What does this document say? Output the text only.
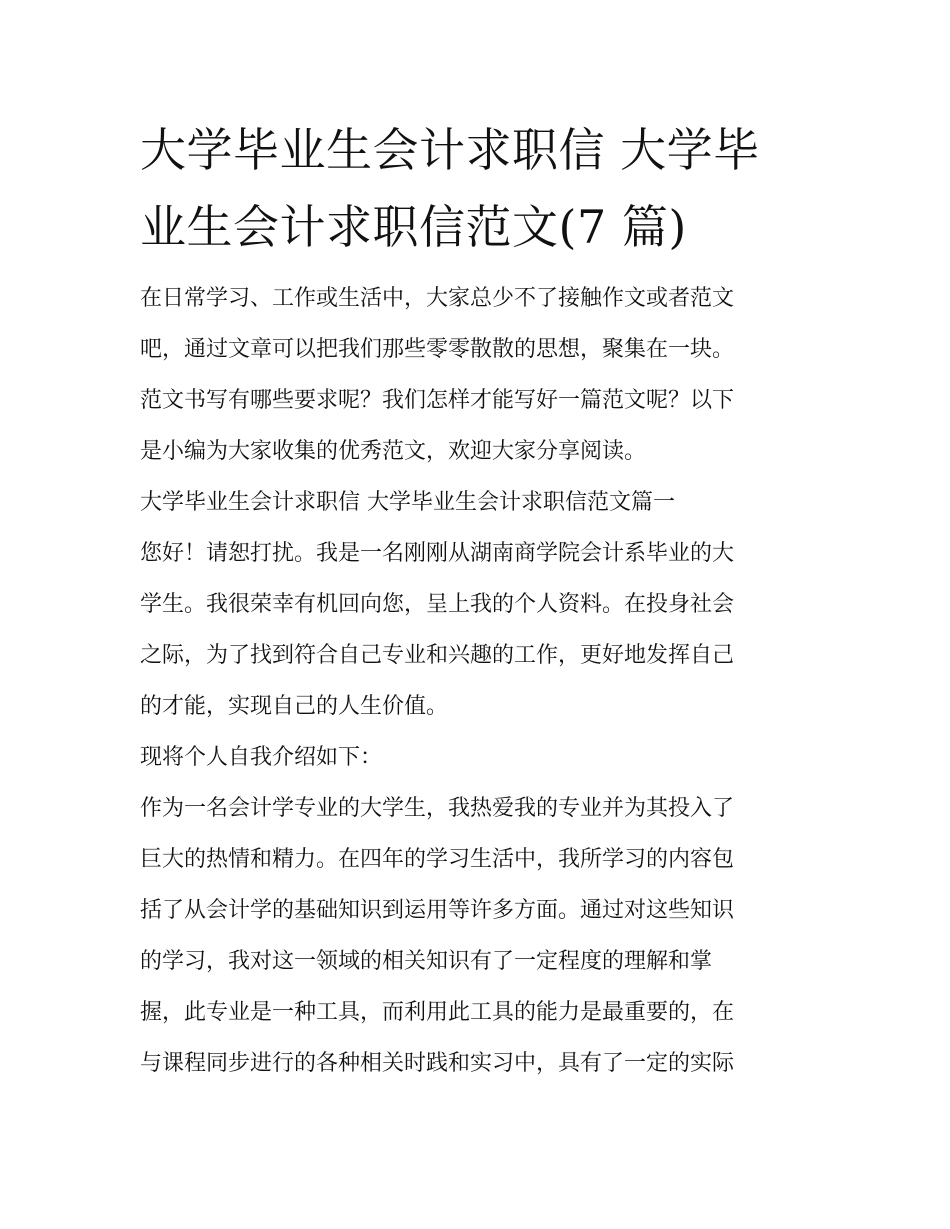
大学毕业生会计求职信 大学毕
业生会计求职信范文(7 篇)

在日常学习、工作或生活中，大家总少不了接触作文或者范文
吧，通过文章可以把我们那些零零散散的思想，聚集在一块。
范文书写有哪些要求呢？我们怎样才能写好一篇范文呢？以下
是小编为大家收集的优秀范文，欢迎大家分享阅读。

大学毕业生会计求职信 大学毕业生会计求职信范文篇一

您好！请恕打扰。我是一名刚刚从湖南商学院会计系毕业的大
学生。我很荣幸有机回向您，呈上我的个人资料。在投身社会
之际，为了找到符合自己专业和兴趣的工作，更好地发挥自己
的才能，实现自己的人生价值。

现将个人自我介绍如下：

作为一名会计学专业的大学生，我热爱我的专业并为其投入了
巨大的热情和精力。在四年的学习生活中，我所学习的内容包
括了从会计学的基础知识到运用等许多方面。通过对这些知识
的学习，我对这一领域的相关知识有了一定程度的理解和掌
握，此专业是一种工具，而利用此工具的能力是最重要的，在
与课程同步进行的各种相关时践和实习中，具有了一定的实际
